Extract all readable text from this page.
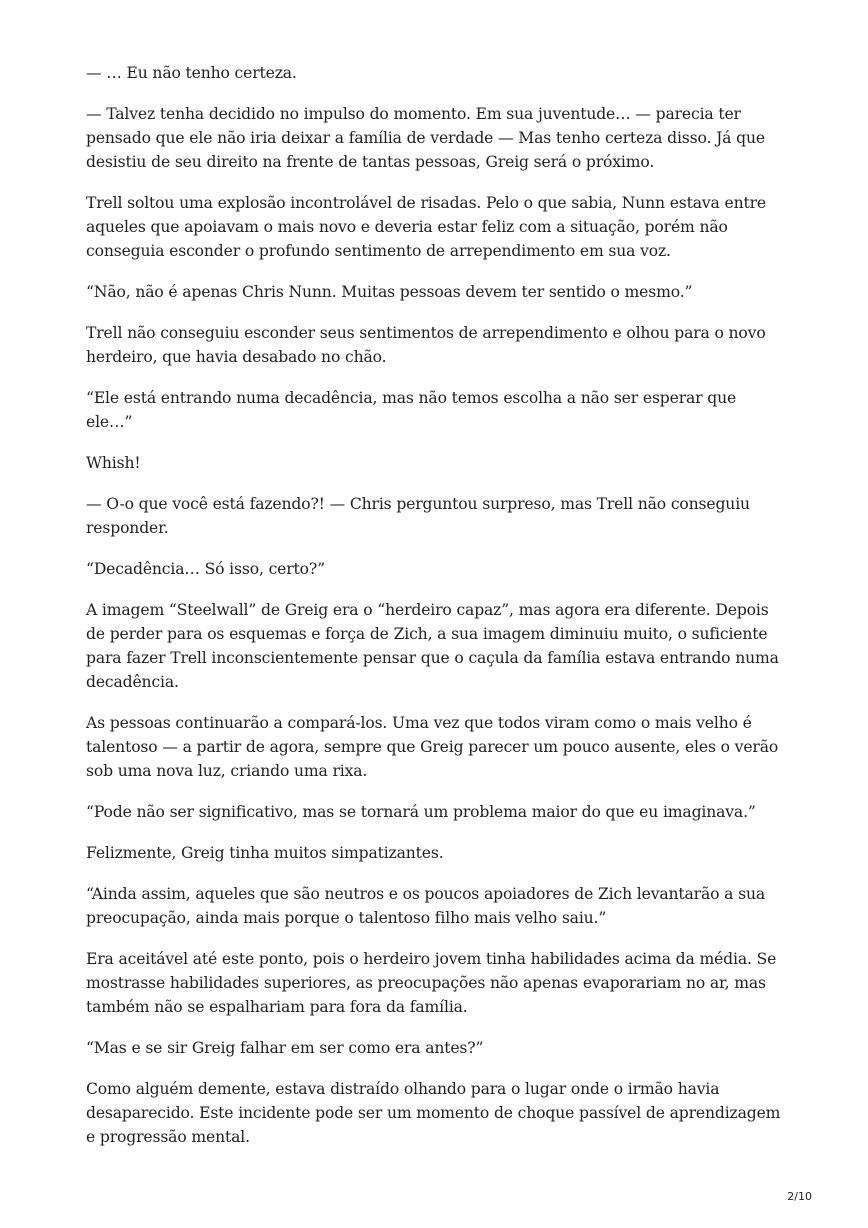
— … Eu não tenho certeza.

— Talvez tenha decidido no impulso do momento. Em sua juventude… — parecia ter pensado que ele não iria deixar a família de verdade — Mas tenho certeza disso. Já que desistiu de seu direito na frente de tantas pessoas, Greig será o próximo.

Trell soltou uma explosão incontrolável de risadas. Pelo o que sabia, Nunn estava entre aqueles que apoiavam o mais novo e deveria estar feliz com a situação, porém não conseguia esconder o profundo sentimento de arrependimento em sua voz.

“Não, não é apenas Chris Nunn. Muitas pessoas devem ter sentido o mesmo.”

Trell não conseguiu esconder seus sentimentos de arrependimento e olhou para o novo herdeiro, que havia desabado no chão.

“Ele está entrando numa decadência, mas não temos escolha a não ser esperar que ele…”

Whish!

— O-o que você está fazendo?! — Chris perguntou surpreso, mas Trell não conseguiu responder.

“Decadência… Só isso, certo?”

A imagem “Steelwall” de Greig era o “herdeiro capaz”, mas agora era diferente. Depois de perder para os esquemas e força de Zich, a sua imagem diminuiu muito, o suficiente para fazer Trell inconscientemente pensar que o caçula da família estava entrando numa decadência.

As pessoas continuarão a compará-los. Uma vez que todos viram como o mais velho é talentoso — a partir de agora, sempre que Greig parecer um pouco ausente, eles o verão sob uma nova luz, criando uma rixa.

“Pode não ser significativo, mas se tornará um problema maior do que eu imaginava.”

Felizmente, Greig tinha muitos simpatizantes.

“Ainda assim, aqueles que são neutros e os poucos apoiadores de Zich levantarão a sua preocupação, ainda mais porque o talentoso filho mais velho saiu.”

Era aceitável até este ponto, pois o herdeiro jovem tinha habilidades acima da média. Se mostrasse habilidades superiores, as preocupações não apenas evaporariam no ar, mas também não se espalhariam para fora da família.

“Mas e se sir Greig falhar em ser como era antes?”

Como alguém demente, estava distraído olhando para o lugar onde o irmão havia desaparecido. Este incidente pode ser um momento de choque passível de aprendizagem e progressão mental.

2/10
